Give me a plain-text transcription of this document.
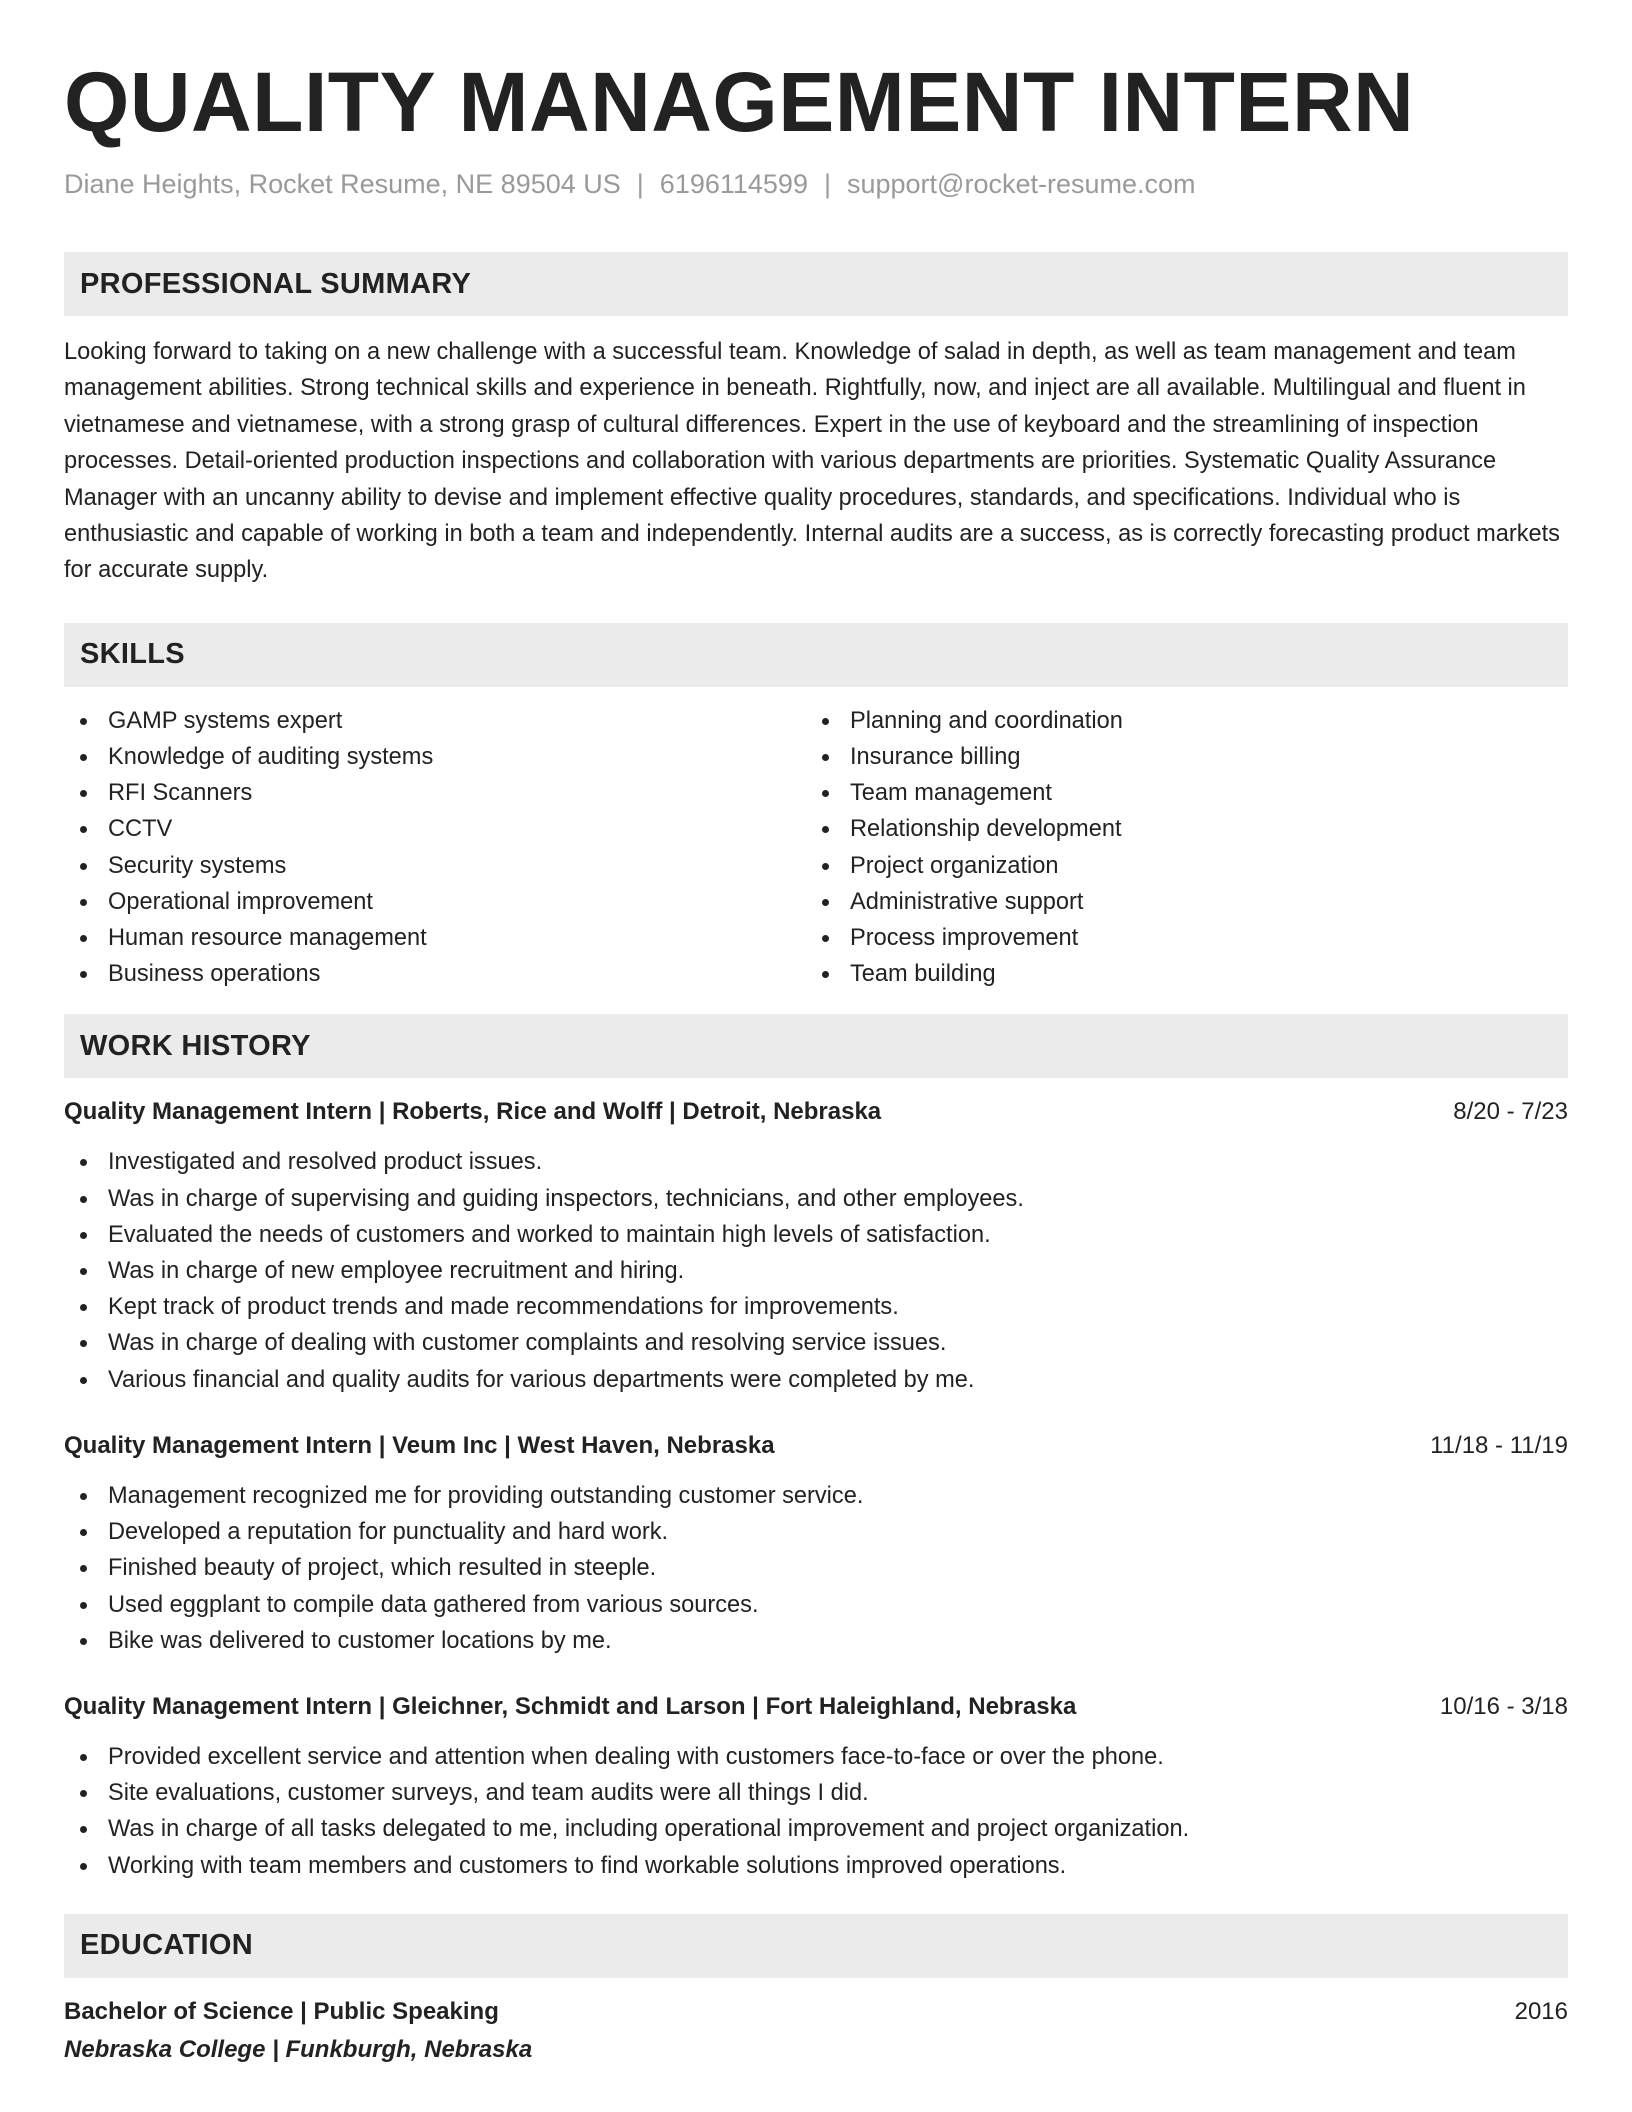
QUALITY MANAGEMENT INTERN
Diane Heights, Rocket Resume, NE 89504 US | 6196114599 | support@rocket-resume.com
PROFESSIONAL SUMMARY

Looking forward to taking on a new challenge with a successful team. Knowledge of salad in depth, as well as team management and team management abilities. Strong technical skills and experience in beneath. Rightfully, now, and inject are all available. Multilingual and fluent in vietnamese and vietnamese, with a strong grasp of cultural differences. Expert in the use of keyboard and the streamlining of inspection processes. Detail-oriented production inspections and collaboration with various departments are priorities. Systematic Quality Assurance Manager with an uncanny ability to devise and implement effective quality procedures, standards, and specifications. Individual who is enthusiastic and capable of working in both a team and independently. Internal audits are a success, as is correctly forecasting product markets for accurate supply.

SKILLS
GAMP systems expert
Knowledge of auditing systems
RFI Scanners
CCTV
Security systems
Operational improvement
Human resource management
Business operations
Planning and coordination
Insurance billing
Team management
Relationship development
Project organization
Administrative support
Process improvement
Team building
WORK HISTORY
Quality Management Intern | Roberts, Rice and Wolff | Detroit, Nebraska	8/20 - 7/23
Investigated and resolved product issues.
Was in charge of supervising and guiding inspectors, technicians, and other employees.
Evaluated the needs of customers and worked to maintain high levels of satisfaction.
Was in charge of new employee recruitment and hiring.
Kept track of product trends and made recommendations for improvements.
Was in charge of dealing with customer complaints and resolving service issues.
Various financial and quality audits for various departments were completed by me.
Quality Management Intern | Veum Inc | West Haven, Nebraska	11/18 - 11/19
Management recognized me for providing outstanding customer service.
Developed a reputation for punctuality and hard work.
Finished beauty of project, which resulted in steeple.
Used eggplant to compile data gathered from various sources.
Bike was delivered to customer locations by me.
Quality Management Intern | Gleichner, Schmidt and Larson | Fort Haleighland, Nebraska	10/16 - 3/18
Provided excellent service and attention when dealing with customers face-to-face or over the phone.
Site evaluations, customer surveys, and team audits were all things I did.
Was in charge of all tasks delegated to me, including operational improvement and project organization.
Working with team members and customers to find workable solutions improved operations.
EDUCATION
Bachelor of Science | Public Speaking	2016
Nebraska College | Funkburgh, Nebraska
